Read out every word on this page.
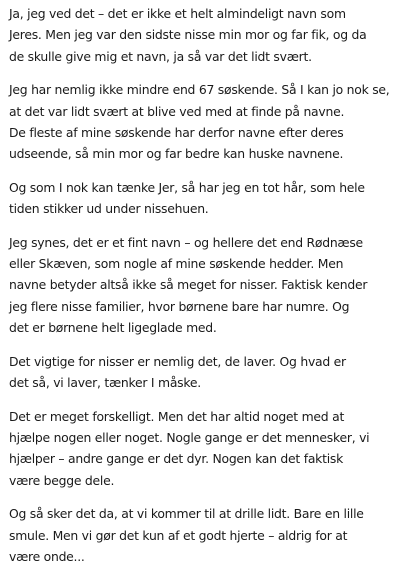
Ja, jeg ved det – det er ikke et helt almindeligt navn som
Jeres. Men jeg var den sidste nisse min mor og far fik, og da
de skulle give mig et navn, ja så var det lidt svært.

Jeg har nemlig ikke mindre end 67 søskende. Så I kan jo nok se,
at det var lidt svært at blive ved med at finde på navne.
De fleste af mine søskende har derfor navne efter deres
udseende, så min mor og far bedre kan huske navnene.

Og som I nok kan tænke Jer, så har jeg en tot hår, som hele
tiden stikker ud under nissehuen.

Jeg synes, det er et fint navn – og hellere det end Rødnæse
eller Skæven, som nogle af mine søskende hedder. Men
navne betyder altså ikke så meget for nisser. Faktisk kender
jeg flere nisse familier, hvor børnene bare har numre. Og
det er børnene helt ligeglade med.

Det vigtige for nisser er nemlig det, de laver. Og hvad er
det så, vi laver, tænker I måske.

Det er meget forskelligt. Men det har altid noget med at
hjælpe nogen eller noget. Nogle gange er det mennesker, vi
hjælper – andre gange er det dyr. Nogen kan det faktisk
være begge dele.

Og så sker det da, at vi kommer til at drille lidt. Bare en lille
smule. Men vi gør det kun af et godt hjerte – aldrig for at
være onde...
